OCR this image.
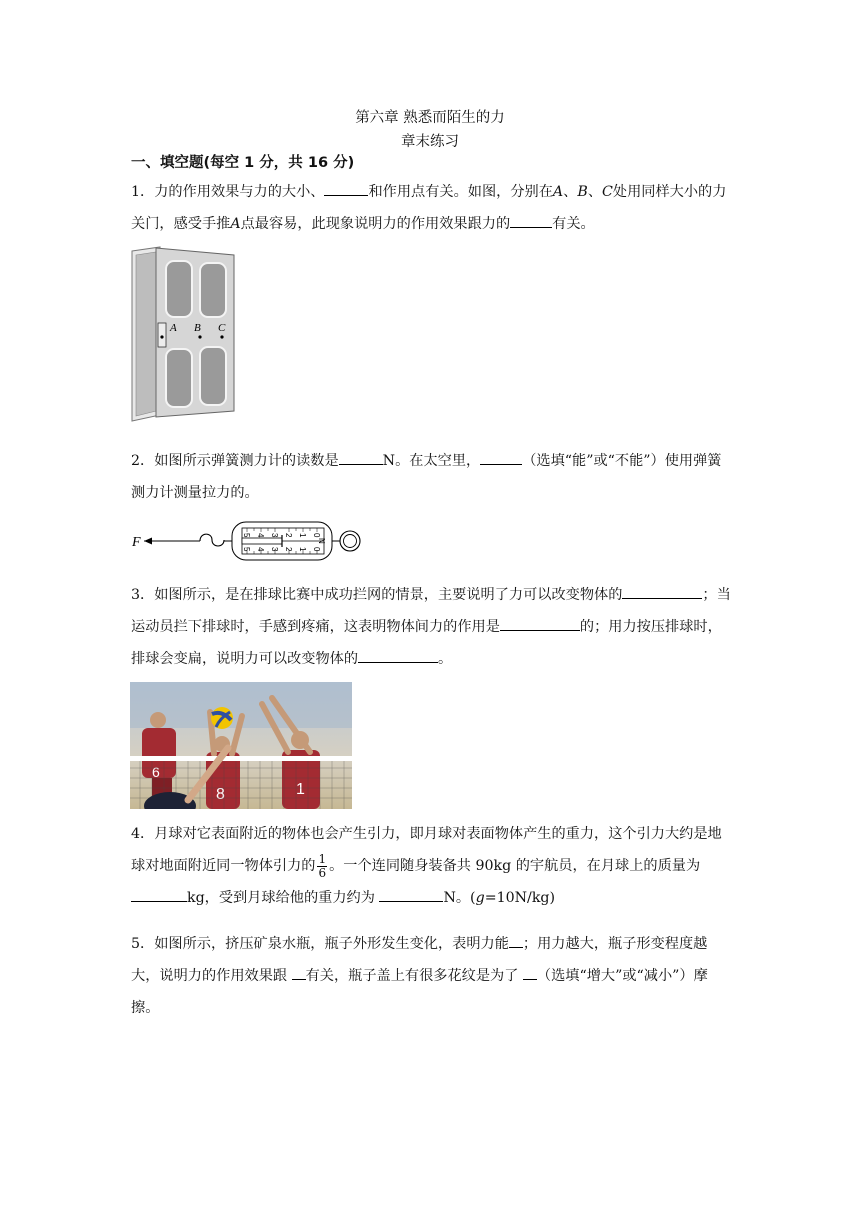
第六章 熟悉而陌生的力
章末练习
一、填空题(每空 1 分，共 16 分)
1．力的作用效果与力的大小、	和作用点有关。如图，分别在A、B、C处用同样大小的力关门，感受手推A点最容易，此现象说明力的作用效果跟力的	有关。
A B C
2．如图所示弹簧测力计的读数是	N。在太空里，	（选填“能”或“不能”）使用弹簧测力计测量拉力的。
F	0
1
2
3
4
5
0
1
2
3
4
5
N
3．如图所示，是在排球比赛中成功拦网的情景，主要说明了力可以改变物体的	；当运动员拦下排球时，手感到疼痛，这表明物体间力的作用是	的；用力按压排球时，排球会变扁，说明力可以改变物体的	。
6
8	1
4．月球对它表面附近的物体也会产生引力，即月球对表面物体产生的重力，这个引力大约是地球对地面附近同一物体引力的 $\frac{1}{6}$ 。一个连同随身装备共 90kg 的宇航员，在月球上的质量为 kg，受到月球给他的重力约为	N。(g=10N/kg)
5．如图所示，挤压矿泉水瓶，瓶子外形发生变化，表明力能 ；用力越大，瓶子形变程度越大，说明力的作用效果跟 有关，瓶子盖上有很多花纹是为了 （选填“增大”或“减小”）摩擦。
